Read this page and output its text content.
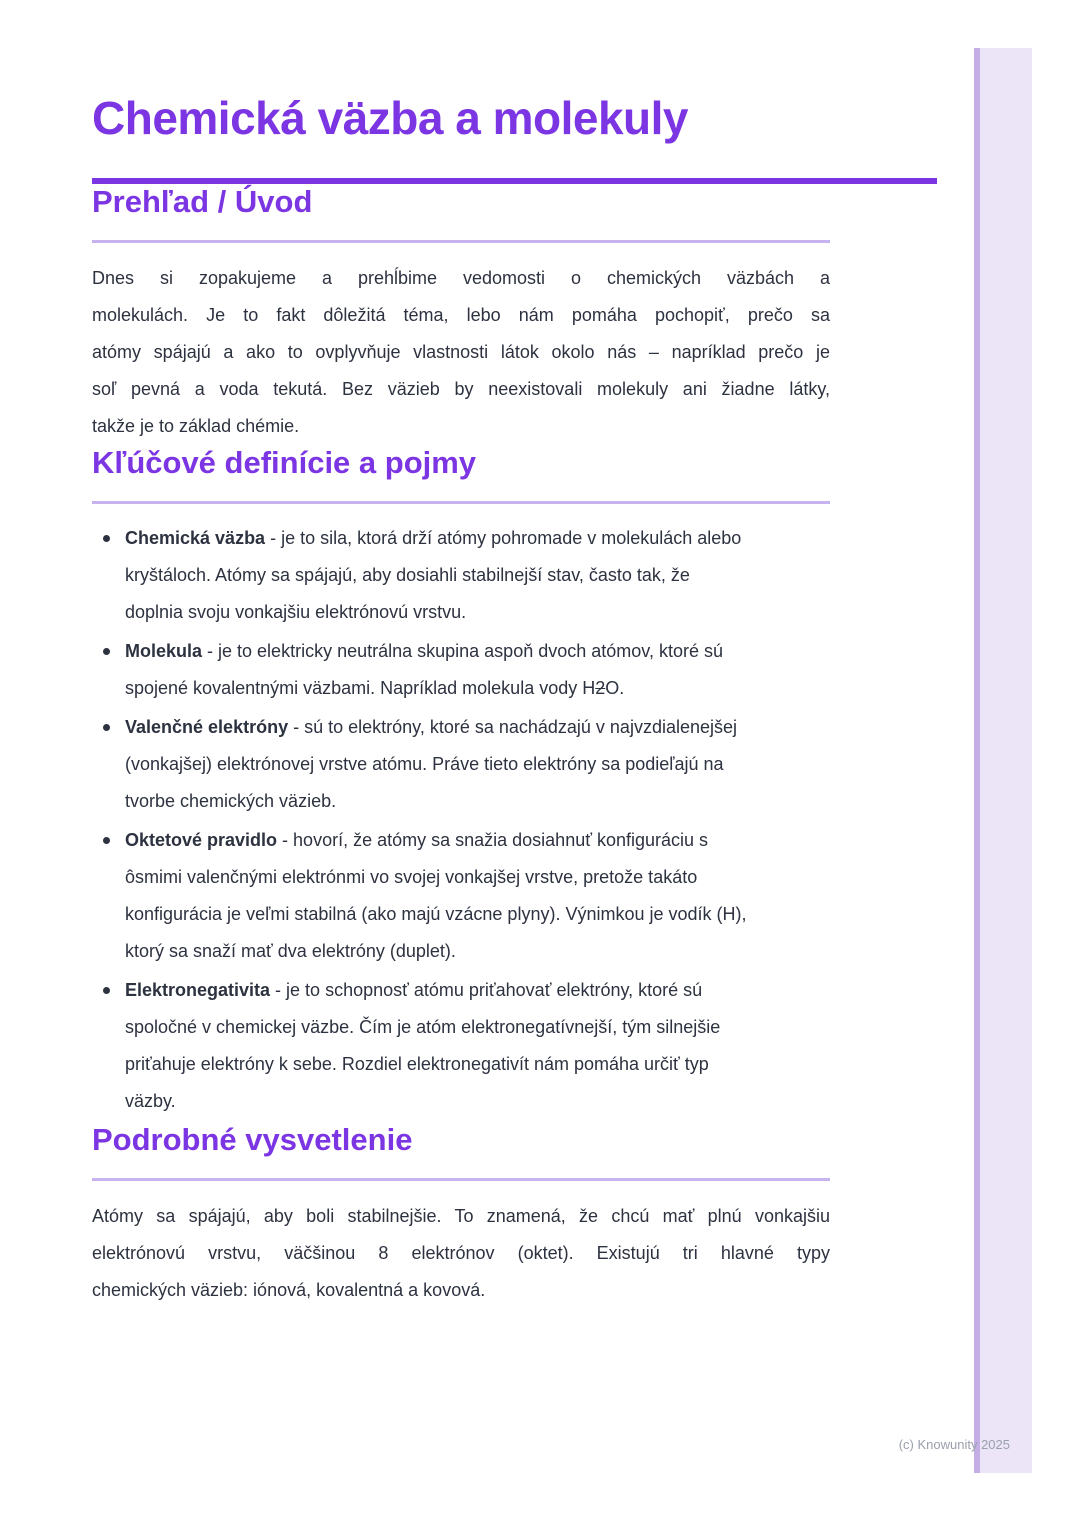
Chemická väzba a molekuly
Prehľad / Úvod
Dnes si zopakujeme a prehĺbime vedomosti o chemických väzbách a
molekulách. Je to fakt dôležitá téma, lebo nám pomáha pochopiť, prečo sa
atómy spájajú a ako to ovplyvňuje vlastnosti látok okolo nás – napríklad prečo je
soľ pevná a voda tekutá. Bez väzieb by neexistovali molekuly ani žiadne látky,
takže je to základ chémie.
Kľúčové definície a pojmy
Chemická väzba - je to sila, ktorá drží atómy pohromade v molekulách alebo
kryštáloch. Atómy sa spájajú, aby dosiahli stabilnejší stav, často tak, že
doplnia svoju vonkajšiu elektrónovú vrstvu.
Molekula - je to elektricky neutrálna skupina aspoň dvoch atómov, ktoré sú
spojené kovalentnými väzbami. Napríklad molekula vody H2O.
Valenčné elektróny - sú to elektróny, ktoré sa nachádzajú v najvzdialenejšej
(vonkajšej) elektrónovej vrstve atómu. Práve tieto elektróny sa podieľajú na
tvorbe chemických väzieb.
Oktetové pravidlo - hovorí, že atómy sa snažia dosiahnuť konfiguráciu s
ôsmimi valenčnými elektrónmi vo svojej vonkajšej vrstve, pretože takáto
konfigurácia je veľmi stabilná (ako majú vzácne plyny). Výnimkou je vodík (H),
ktorý sa snaží mať dva elektróny (duplet).
Elektronegativita - je to schopnosť atómu priťahovať elektróny, ktoré sú
spoločné v chemickej väzbe. Čím je atóm elektronegatívnejší, tým silnejšie
priťahuje elektróny k sebe. Rozdiel elektronegativít nám pomáha určiť typ
väzby.
Podrobné vysvetlenie
Atómy sa spájajú, aby boli stabilnejšie. To znamená, že chcú mať plnú vonkajšiu
elektrónovú vrstvu, väčšinou 8 elektrónov (oktet). Existujú tri hlavné typy
chemických väzieb: iónová, kovalentná a kovová.
(c) Knowunity 2025
